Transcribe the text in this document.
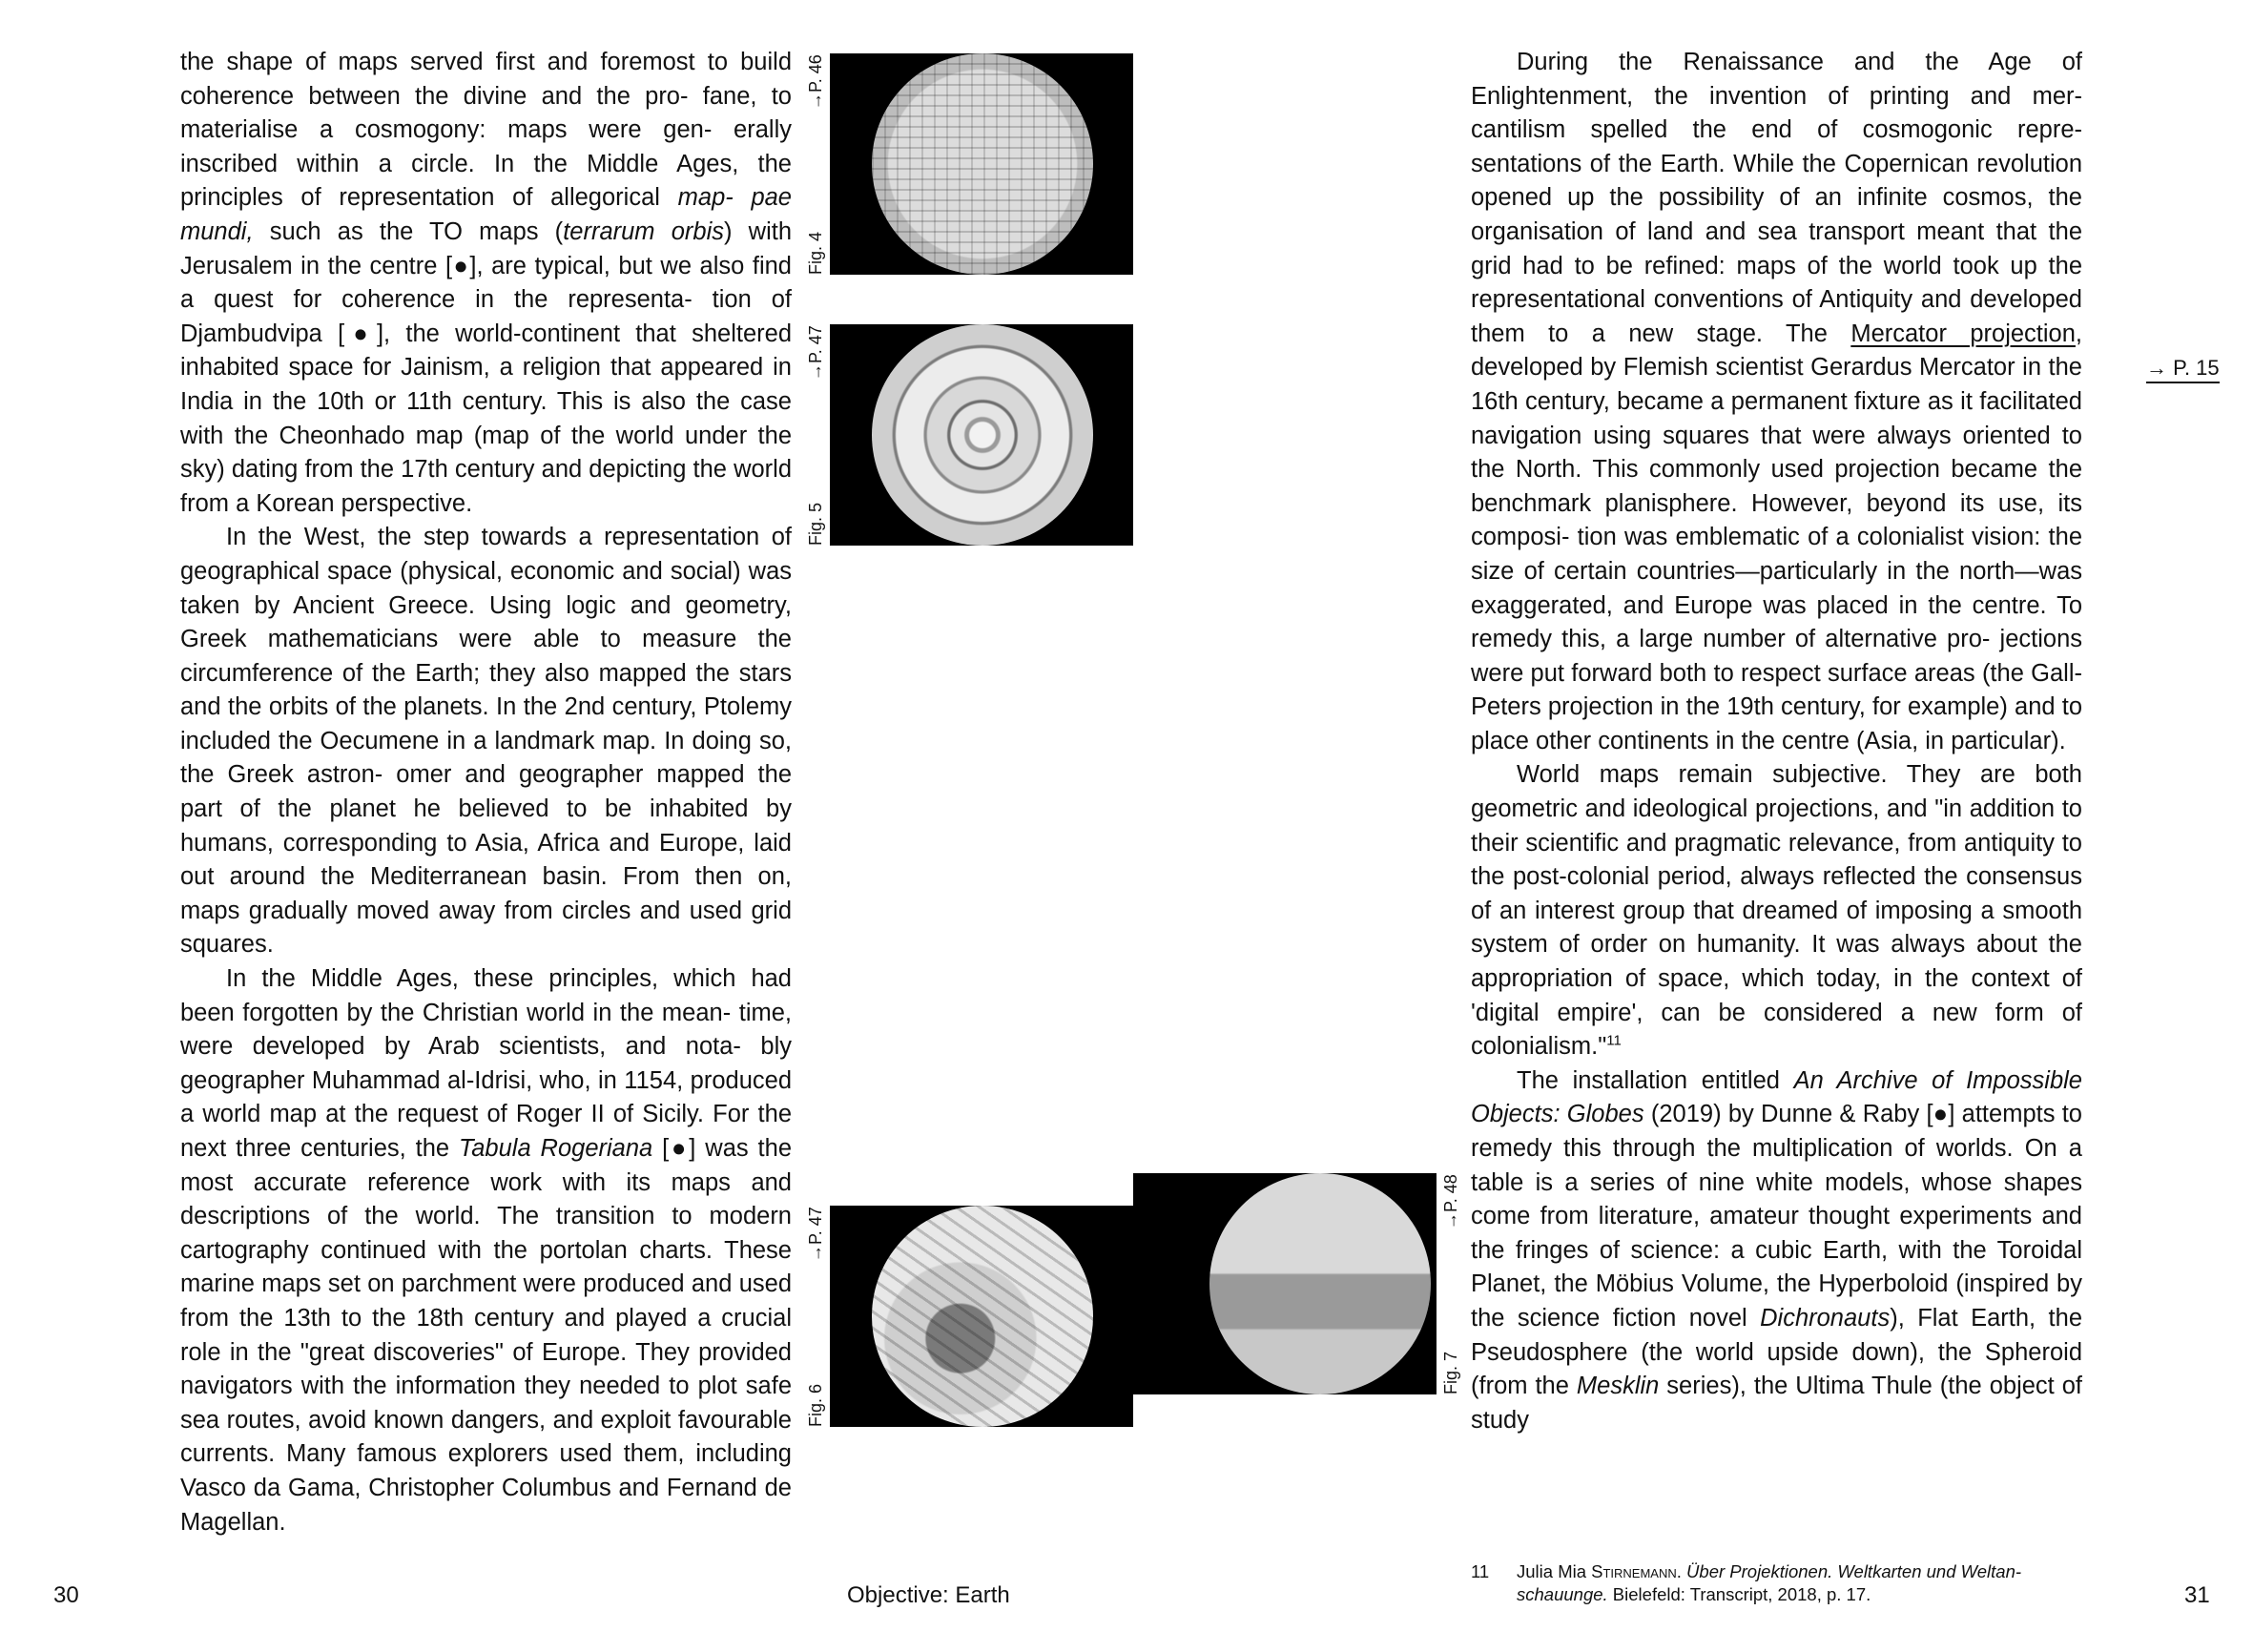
the shape of maps served first and foremost to build coherence between the divine and the pro- fane, to materialise a cosmogony: maps were gen- erally inscribed within a circle. In the Middle Ages, the principles of representation of allegorical map- pae mundi, such as the TO maps (terrarum orbis) with Jerusalem in the centre [●], are typical, but we also find a quest for coherence in the representa- tion of Djambudvipa [●], the world-continent that sheltered inhabited space for Jainism, a religion that appeared in India in the 10th or 11th century. This is also the case with the Cheonhado map (map of the world under the sky) dating from the 17th century and depicting the world from a Korean perspective.

In the West, the step towards a representation of geographical space (physical, economic and social) was taken by Ancient Greece. Using logic and geometry, Greek mathematicians were able to measure the circumference of the Earth; they also mapped the stars and the orbits of the planets. In the 2nd century, Ptolemy included the Oecumene in a landmark map. In doing so, the Greek astron- omer and geographer mapped the part of the planet he believed to be inhabited by humans, corresponding to Asia, Africa and Europe, laid out around the Mediterranean basin. From then on, maps gradually moved away from circles and used grid squares.

In the Middle Ages, these principles, which had been forgotten by the Christian world in the mean- time, were developed by Arab scientists, and nota- bly geographer Muhammad al-Idrisi, who, in 1154, produced a world map at the request of Roger II of Sicily. For the next three centuries, the Tabula Rogeriana [●] was the most accurate reference work with its maps and descriptions of the world. The transition to modern cartography continued with the portolan charts. These marine maps set on parchment were produced and used from the 13th to the 18th century and played a crucial role in the "great discoveries" of Europe. They provided navigators with the information they needed to plot safe sea routes, avoid known dangers, and exploit favourable currents. Many famous explorers used them, including Vasco da Gama, Christopher Columbus and Fernand de Magellan.

Fig. 4  →P. 46
Fig. 5  →P. 47
Fig. 6  →P. 47
Fig. 7  →P. 48

During the Renaissance and the Age of Enlightenment, the invention of printing and mer- cantilism spelled the end of cosmogonic repre- sentations of the Earth. While the Copernican revolution opened up the possibility of an infinite cosmos, the organisation of land and sea transport meant that the grid had to be refined: maps of the world took up the representational conventions of Antiquity and developed them to a new stage. The Mercator projection, developed by Flemish scientist Gerardus Mercator in the 16th century, became a permanent fixture as it facilitated navigation using squares that were always oriented to the North. This commonly used projection became the benchmark planisphere. However, beyond its use, its composi- tion was emblematic of a colonialist vision: the size of certain countries—particularly in the north—was exaggerated, and Europe was placed in the centre. To remedy this, a large number of alternative pro- jections were put forward both to respect surface areas (the Gall-Peters projection in the 19th century, for example) and to place other continents in the centre (Asia, in particular).

World maps remain subjective. They are both geometric and ideological projections, and "in addition to their scientific and pragmatic relevance, from antiquity to the post-colonial period, always reflected the consensus of an interest group that dreamed of imposing a smooth system of order on humanity. It was always about the appropriation of space, which today, in the context of 'digital empire', can be considered a new form of colonialism."$^{11}$

The installation entitled An Archive of Impossible Objects: Globes (2019) by Dunne & Raby [●] attempts to remedy this through the multiplication of worlds. On a table is a series of nine white models, whose shapes come from literature, amateur thought experiments and the fringes of science: a cubic Earth, with the Toroidal Planet, the Möbius Volume, the Hyperboloid (inspired by the science fiction novel Dichronauts), Flat Earth, the Pseudosphere (the world upside down), the Spheroid (from the Mesklin series), the Ultima Thule (the object of study

→ P. 15
11 Julia Mia Stirnemann. Über Projektionen. Weltkarten und Weltan- schauunge. Bielefeld: Transcript, 2018, p. 17.
30	Objective: Earth	31
